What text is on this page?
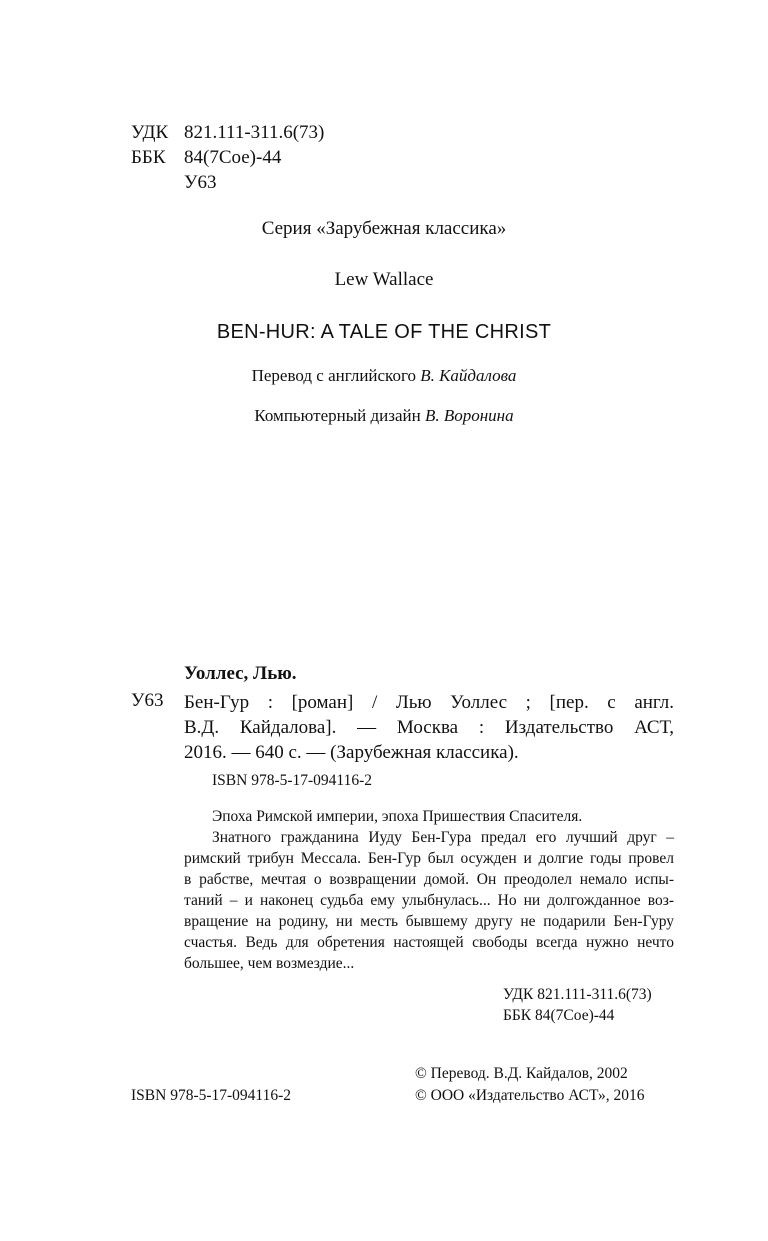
УДК 821.111-311.6(73)
ББК 84(7Сое)-44
У63
Серия «Зарубежная классика»
Lew Wallace
BEN-HUR: A TALE OF THE CHRIST
Перевод с английского В. Кайдалова
Компьютерный дизайн В. Воронина
Уоллес, Лью.
У63 Бен-Гур : [роман] / Лью Уоллес ; [пер. с англ.
В.Д. Кайдалова]. — Москва : Издательство АСТ,
2016. — 640 с. — (Зарубежная классика).
ISBN 978-5-17-094116-2
Эпоха Римской империи, эпоха Пришествия Спасителя.
Знатного гражданина Иуду Бен-Гура предал его лучший друг –
римский трибун Мессала. Бен-Гур был осужден и долгие годы провел
в рабстве, мечтая о возвращении домой. Он преодолел немало испы-
таний – и наконец судьба ему улыбнулась... Но ни долгожданное воз-
вращение на родину, ни месть бывшему другу не подарили Бен-Гуру
счастья. Ведь для обретения настоящей свободы всегда нужно нечто
большее, чем возмездие...
УДК 821.111-311.6(73)
ББК 84(7Сое)-44
© Перевод. В.Д. Кайдалов, 2002
© ООО «Издательство АСТ», 2016
ISBN 978-5-17-094116-2
